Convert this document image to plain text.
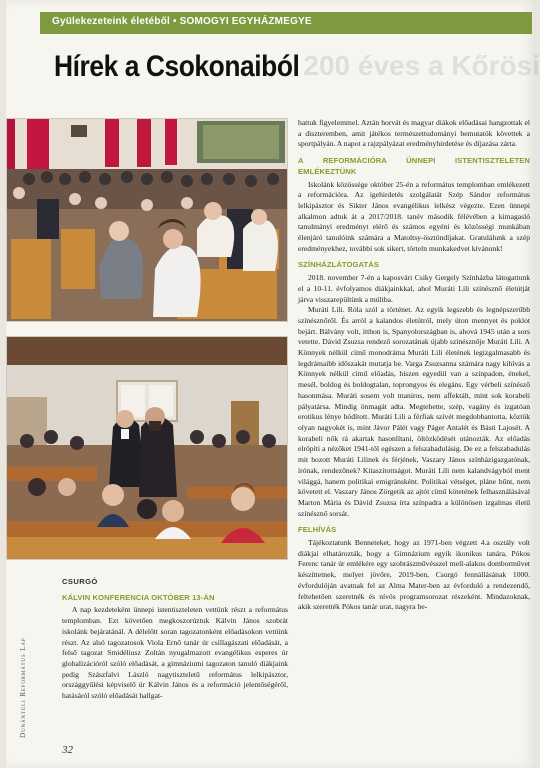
Gyülekezeteink életéből • SOMOGYI EGYHÁZMEGYE
200 éves a Kőrösi
Hírek a Csokonaiból
CSURGÓ
KÁLVIN KONFERENCIA OKTÓBER 13-ÁN

A nap kezdeteként ünnepi istentiszteleten vettünk részt a református templomban. Ezt követően megkoszorúztuk Kálvin János szobrát iskolánk bejáratánál. A délelőtt soran tagozatonként előadásokon vettünk részt. Az alsó tagozatosok Viola Ernő tanár úr csillagászati előadását, a felső tagozat Smidéliusz Zoltán nyugalmazott evangélikus esperes úr globalizációról szóló előadását, a gimnáziumi tagozaton tanuló diákjaink pedig Szászfalvi László nagytiszteletű református lelkipásztor, országgyűlési képviselő úr Kálvin János és a reformáció jelentőségéről, hatásáról szóló előadását hallgat-

hattuk figyelemmel. Aztán horvát és magyar diákok előadásai hangzottak el a diszteremben, amit játékos természettudományi bemutatók követtek a sportpályán. A napot a rajzpályázat eredményhirdetése és díjazása zárta.

A REFORMÁCIÓRA ÜNNEPI ISTENTISZTELETEN EMLÉKEZTÜNK

Iskolánk közössége október 25-én a református templomban emlékezett a reformációra. Az igehirdetés szolgálatát Szép Sándor református lelkipásztor és Sikter János evangélikus lelkész végezte. Ezen ünnepi alkalmon adtuk át a 2017/2018. tanév második félévében a kimagasló tanulmányi eredményt elérő és számos egyéni és közösségi munkában élenjáró tanulóink számára a Matoltsy-ösztöndíjakat. Gratulálunk a szép eredményekhez, további sok sikert, törteln munkakedvet kívánunk!

SZÍNHÁZLÁTOGATÁS

2018. november 7-én a kaposvári Csiky Gergely Színházba látogattunk el a 10-11. évfolyamos diákjainkkal, ahol Muráti Lili színésznő életútját járva visszarepültünk a múltba.

Muráti Lili. Róla szól a történet. Az egyik legszebb és legnépszerűbb színésznőről. És arról a kalandos életútról, mely úton mennyet és poklot bejárt. Bálvány volt, itthon is, Spanyolországban is, ahová 1945 után a sors vetette. Dávid Zsuzsa rendező sorozatának újabb színésznője Muráti Lili. A Könnyek nélkül című monodráma Muráti Lili életének legizgalmasabb és legdrámaibb időszakát mutatja be. Varga Zsuzsanna számára nagy kihívás a Könnyek nélkül című előadás, hiszen egyedül van a színpadon, énekel, mesél, boldog és boldogtalan, toprongyos és elegáns. Egy vérbeli színésző hasonmása. Muráti sosem volt maniros, nem affektált, mint sok korabeli pályatársa. Mindig önmagát adta. Megtehette, szép, vagány és izgatóan erotikus lénye hódított. Muráti Lili a férfiak szívét megdobbantotta, köztük olyan nagyokét is, mint Jávor Pálét vagy Páger Antalét és Básti Lajosét. A korabeli nők rá akartak hasonlítani, öltözködését utánozták. Az előadás elröpíti a nézőket 1941-től egészen a felszabadulásig. De ez a felszabadulás mit hozott Muráti Lilinek és férjének, Vaszary János színházigazgatónak, írónak, rendezőnek? Kitaszítottságot. Muráti Lili nem kalandvágyból ment világgá, hanem politikai emigránsként. Politikai vétséget, pláne bűnt, nem követett el. Vaszary János Zörgetik az ajtót című kötetének felhasználásával Marton Mária és Dávid Zsuzsa írta színpadra a különösen izgalmas életű színésznő sorsát.

FELHÍVÁS

Tájékoztatunk Benneteket, hogy az 1971-ben végzett 4.a osztály volt diákjai elhatározták, hogy a Gimnázium egyik ikonikus tanára, Pókos Ferenc tanár úr emlékére egy szobrászművésszel mell-alakos domborművet készíttetnek, melyet jövőre, 2019-ben, Csurgó fennállásának 1000. évfordulóján avatnak fel az Alma Mater-ben az évforduló a rendezendő, feltehetően szeretnék és nívós programsorozat részeként. Mindazoknak, akik szerették Pókos tanár urat, nagyra be-

Dunántúli Református Lap
32
